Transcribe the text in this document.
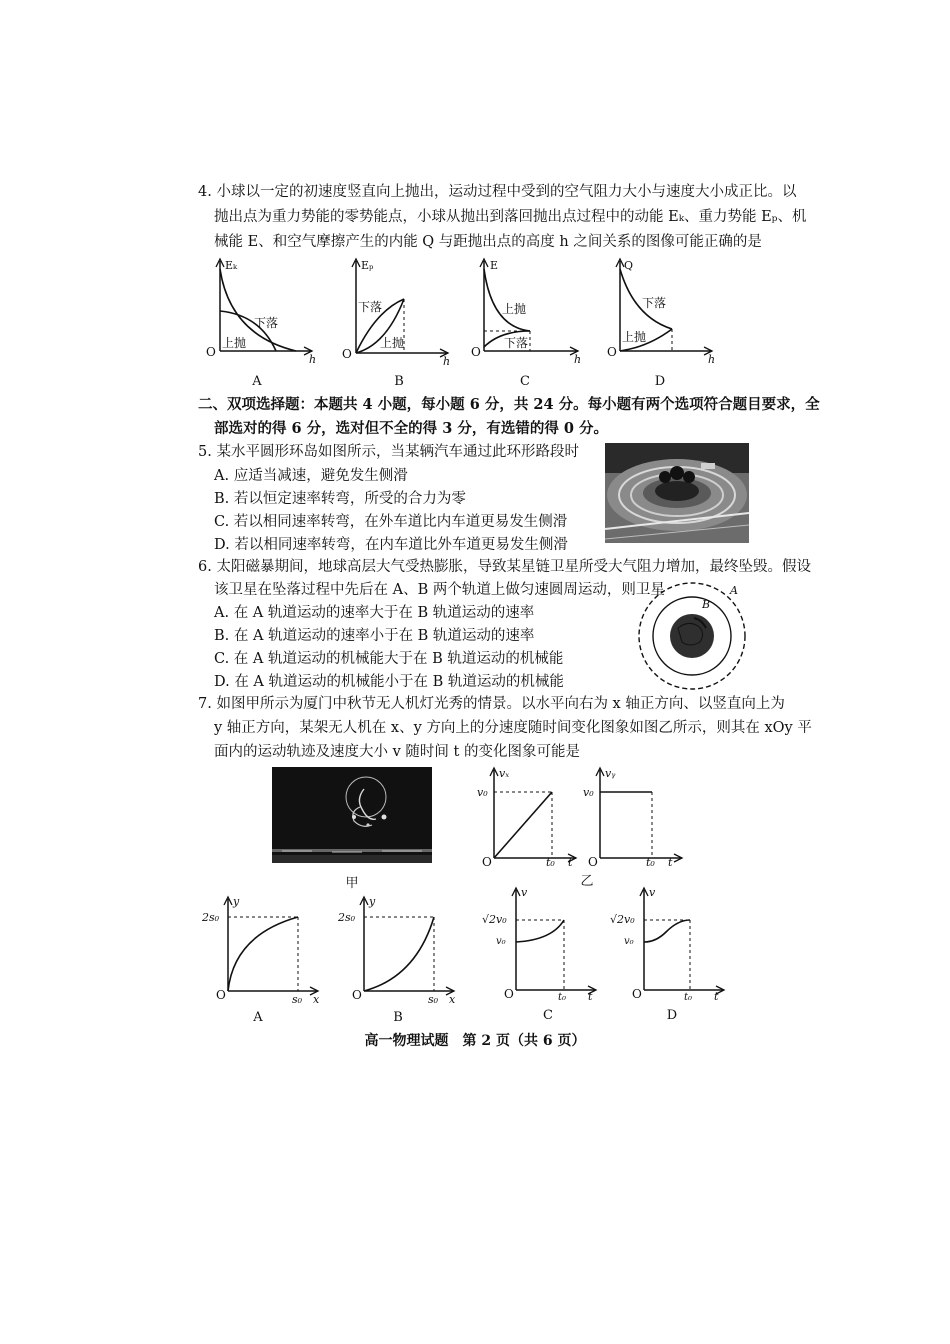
4. 小球以一定的初速度竖直向上抛出，运动过程中受到的空气阻力大小与速度大小成正比。以
抛出点为重力势能的零势能点，小球从抛出到落回抛出点过程中的动能 Eₖ、重力势能 Eₚ、机
械能 E、和空气摩擦产生的内能 Q 与距抛出点的高度 h 之间关系的图像可能正确的是
Eₖ
O
h
下落
上抛
A
Eₚ
O
h
下落
上抛
B
E
O
h
上抛
下落
C
Q
O
h
下落
上抛
D
二、双项选择题：本题共 4 小题，每小题 6 分，共 24 分。每小题有两个选项符合题目要求，全
部选对的得 6 分，选对但不全的得 3 分，有选错的得 0 分。
5. 某水平圆形环岛如图所示，当某辆汽车通过此环形路段时
A. 应适当减速，避免发生侧滑
B. 若以恒定速率转弯，所受的合力为零
C. 若以相同速率转弯，在外车道比内车道更易发生侧滑
D. 若以相同速率转弯，在内车道比外车道更易发生侧滑
6. 太阳磁暴期间，地球高层大气受热膨胀，导致某星链卫星所受大气阻力增加，最终坠毁。假设
该卫星在坠落过程中先后在 A、B 两个轨道上做匀速圆周运动，则卫星
A. 在 A 轨道运动的速率大于在 B 轨道运动的速率
B. 在 A 轨道运动的速率小于在 B 轨道运动的速率
C. 在 A 轨道运动的机械能大于在 B 轨道运动的机械能
D. 在 A 轨道运动的机械能小于在 B 轨道运动的机械能
A
B
7. 如图甲所示为厦门中秋节无人机灯光秀的情景。以水平向右为 x 轴正方向、以竖直向上为
y 轴正方向，某架无人机在 x、y 方向上的分速度随时间变化图象如图乙所示，则其在 xOy 平
面内的运动轨迹及速度大小 v 随时间 t 的变化图象可能是
甲
vₓ
v₀
O	t₀ t
vᵧ
v₀
O	t₀ t
乙
y
2s₀
O	s₀ x
A
y
2s₀
O	s₀ x
B
v
√2v₀
v₀
O	t₀ t
C
v
√2v₀
v₀
O	t₀ t
D
高一物理试题　第 2 页（共 6 页）
